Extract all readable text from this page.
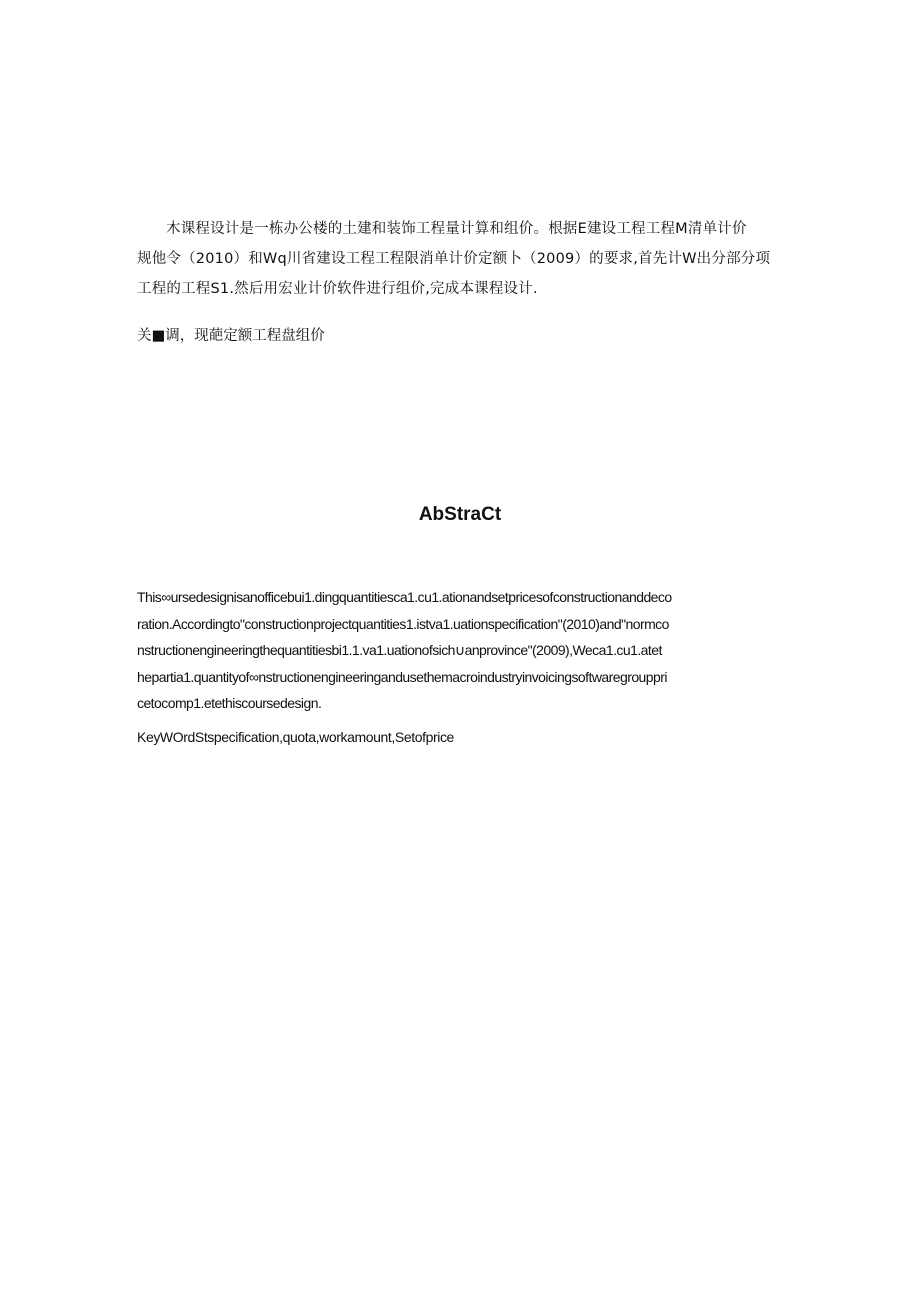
木课程设计是一栋办公楼的土建和装饰工程量计算和组价。根据E建设工程工程M清单计价
规他令（2010）和Wq川省建设工程工程限消单计价定额卜（2009）的要求,首先计W出分部分项
工程的工程S1.然后用宏业计价软件进行组价,完成本课程设计.
关■调，现葩定额工程盘组价
AbStraCt
This∞ursedesignisanofficebui1.dingquantitiesca1.cu1.ationandsetpricesofconstructionanddeco
ration.Accordingto"constructionprojectquantities1.istva1.uationspecification"(2010)and"normco
nstructionengineeringthequantitiesbi1.1.va1.uationofsich∪anprovince"(2009),Weca1.cu1.atet
hepartia1.quantityof∞nstructionengineeringandusethemacroindustryinvoicingsoftwaregrouppri
cetocomp1.etethiscoursedesign.
KeyWOrdStspecification,quota,workamount,Setofprice
